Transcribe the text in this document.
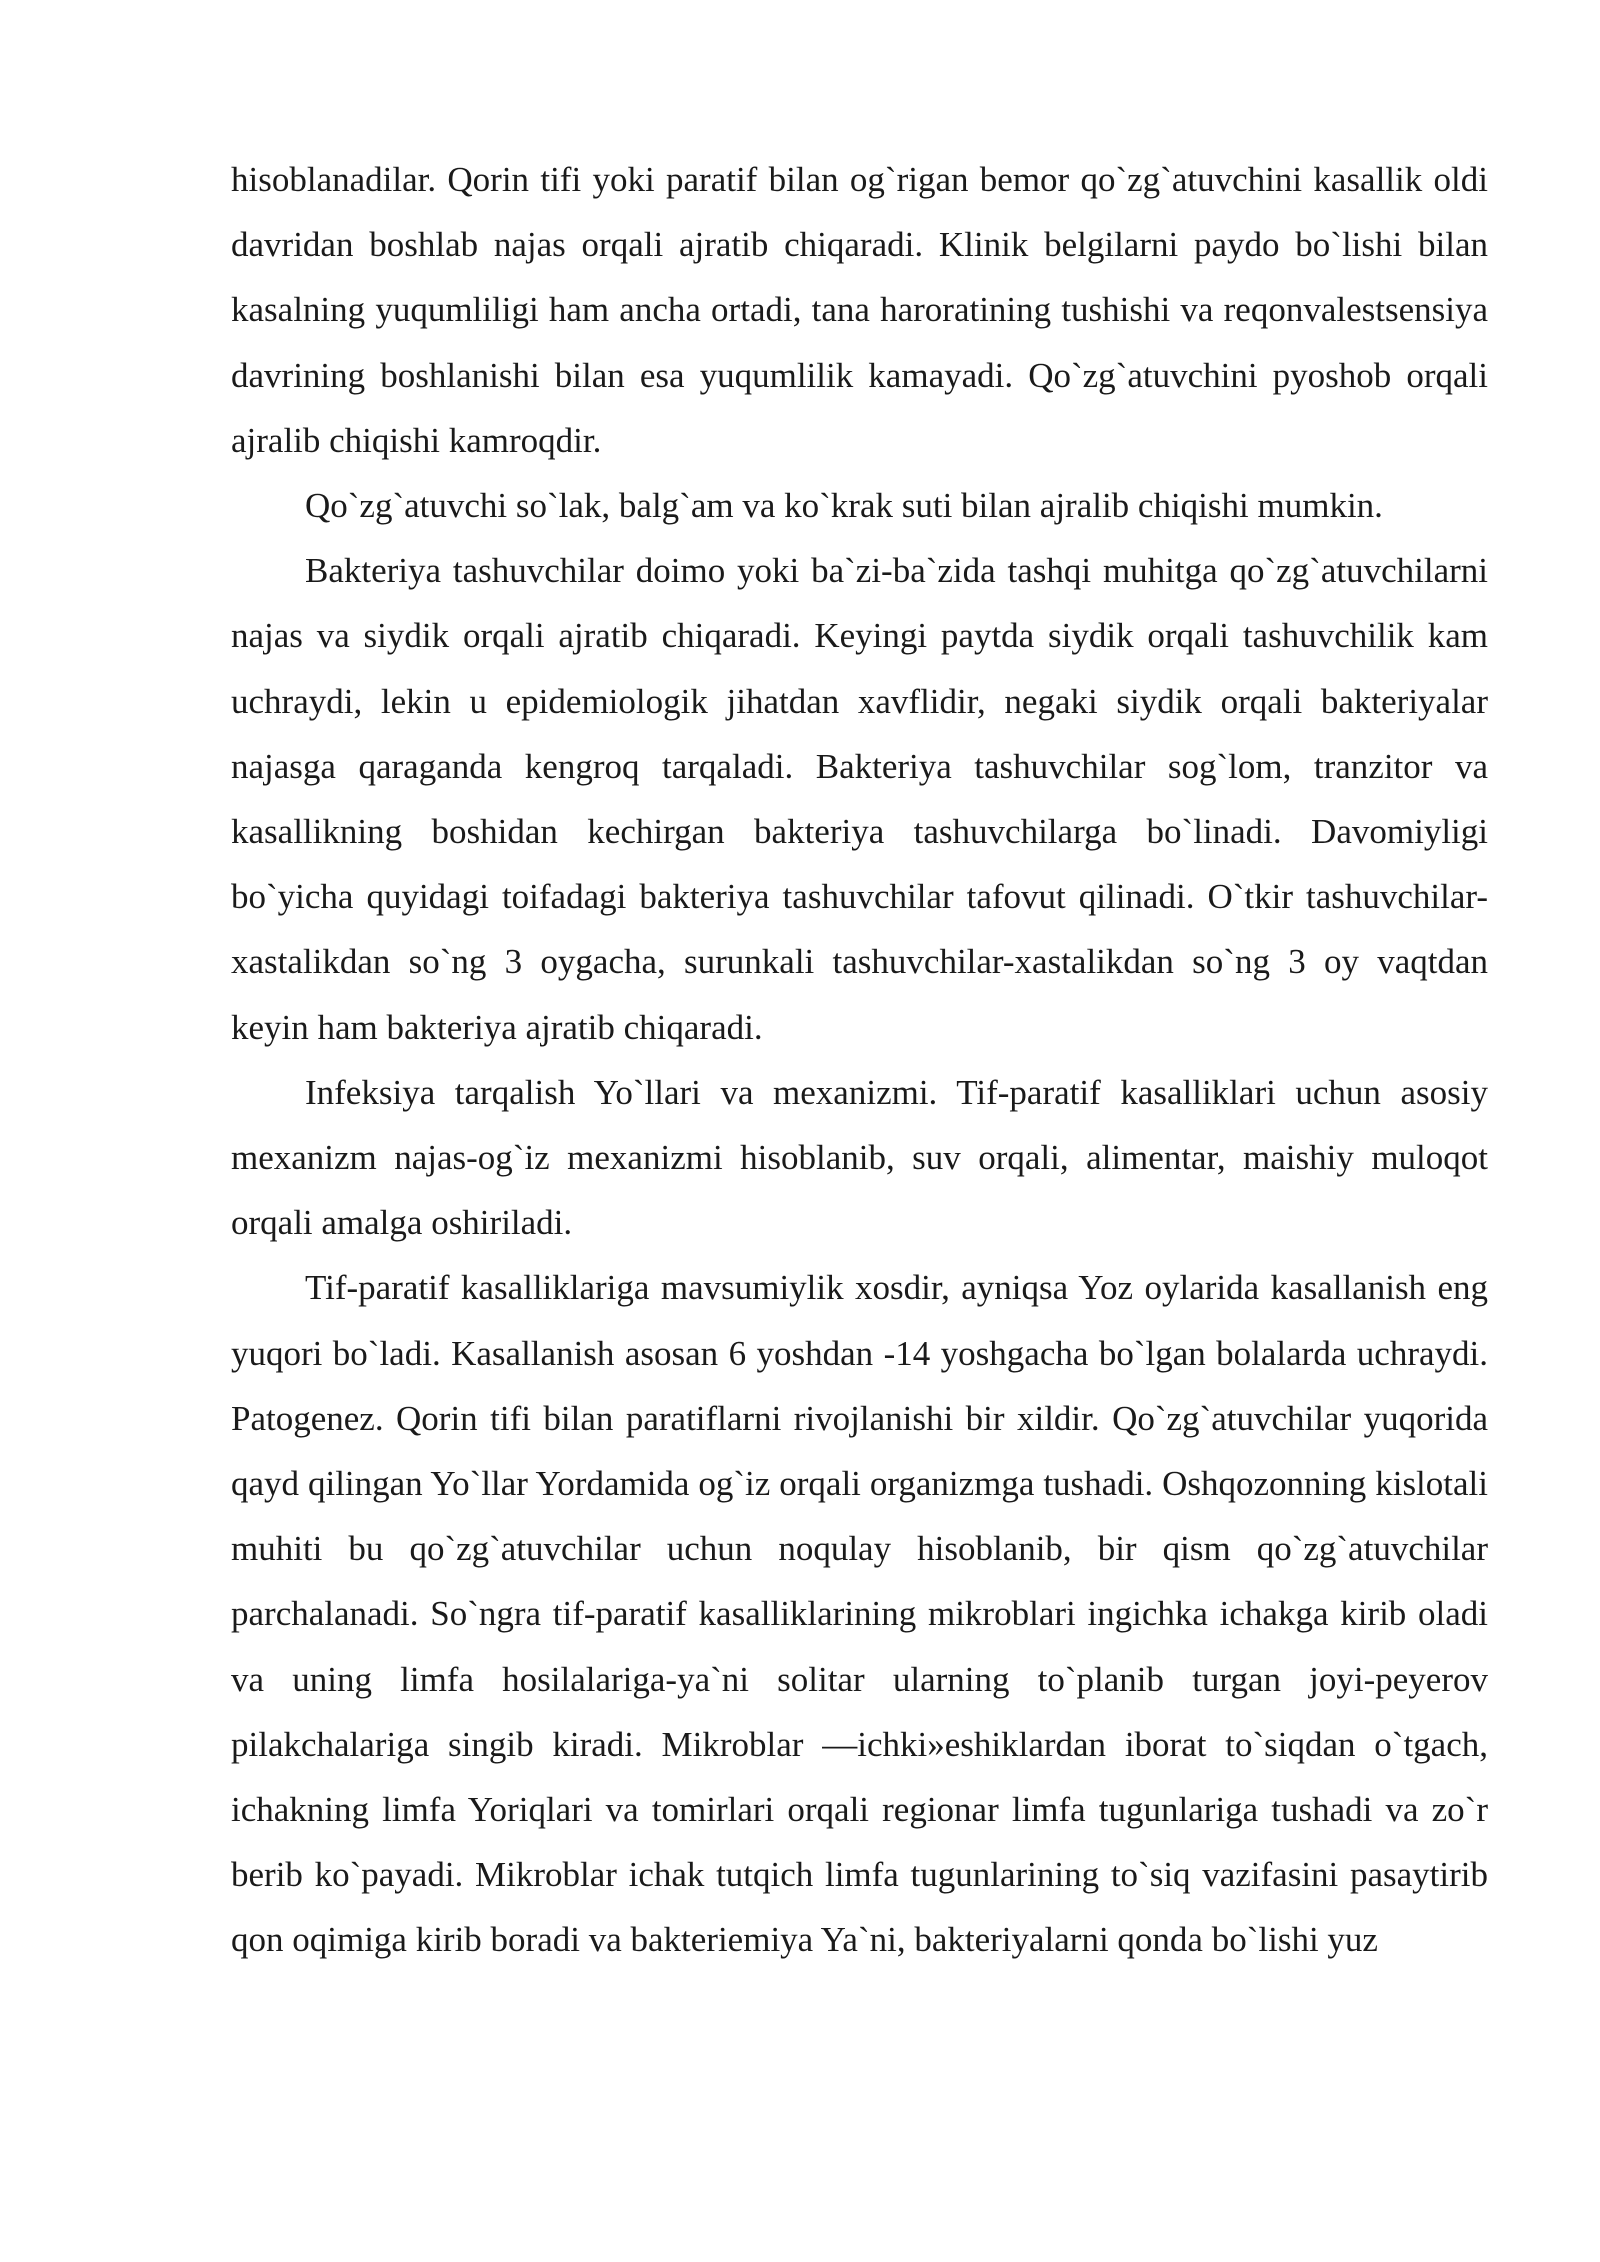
hisoblanadilar. Qorin tifi yoki paratif bilan og`rigan bemor qo`zg`atuvchini kasallik oldi davridan boshlab najas orqali ajratib chiqaradi. Klinik belgilarni paydo bo`lishi bilan kasalning yuqumliligi ham ancha ortadi, tana haroratining tushishi va reqonvalestsensiya davrining boshlanishi bilan esa yuqumlilik kamayadi. Qo`zg`atuvchini pyoshob orqali ajralib chiqishi kamroqdir.

Qo`zg`atuvchi so`lak, balg`am va ko`krak suti bilan ajralib chiqishi mumkin.

Bakteriya tashuvchilar doimo yoki ba`zi-ba`zida tashqi muhitga qo`zg`atuvchilarni najas va siydik orqali ajratib chiqaradi. Keyingi paytda siydik orqali tashuvchilik kam uchraydi, lekin u epidemiologik jihatdan xavflidir, negaki siydik orqali bakteriyalar najasga qaraganda kengroq tarqaladi. Bakteriya tashuvchilar sog`lom, tranzitor va kasallikning boshidan kechirgan bakteriya tashuvchilarga bo`linadi. Davomiyligi bo`yicha quyidagi toifadagi bakteriya tashuvchilar tafovut qilinadi. O`tkir tashuvchilar-xastalikdan so`ng 3 oygacha, surunkali tashuvchilar-xastalikdan so`ng 3 oy vaqtdan keyin ham bakteriya ajratib chiqaradi.

Infeksiya tarqalish Yo`llari va mexanizmi. Tif-paratif kasalliklari uchun asosiy mexanizm najas-og`iz mexanizmi hisoblanib, suv orqali, alimentar, maishiy muloqot orqali amalga oshiriladi.

Tif-paratif kasalliklariga mavsumiylik xosdir, ayniqsa Yoz oylarida kasallanish eng yuqori bo`ladi. Kasallanish asosan 6 yoshdan -14 yoshgacha bo`lgan bolalarda uchraydi. Patogenez. Qorin tifi bilan paratiflarni rivojlanishi bir xildir. Qo`zg`atuvchilar yuqorida qayd qilingan Yo`llar Yordamida og`iz orqali organizmga tushadi. Oshqozonning kislotali muhiti bu qo`zg`atuvchilar uchun noqulay hisoblanib, bir qism qo`zg`atuvchilar parchalanadi. So`ngra tif-paratif kasalliklarining mikroblari ingichka ichakga kirib oladi va uning limfa hosilalariga-ya`ni solitar ularning to`planib turgan joyi-peyerov pilakchalariga singib kiradi. Mikroblar —ichki»eshiklardan iborat to`siqdan o`tgach, ichakning limfa Yoriqlari va tomirlari orqali regionar limfa tugunlariga tushadi va zo`r berib ko`payadi. Mikroblar ichak tutqich limfa tugunlarining to`siq vazifasini pasaytirib qon oqimiga kirib boradi va bakteriemiya Ya`ni, bakteriyalarni qonda bo`lishi yuz
